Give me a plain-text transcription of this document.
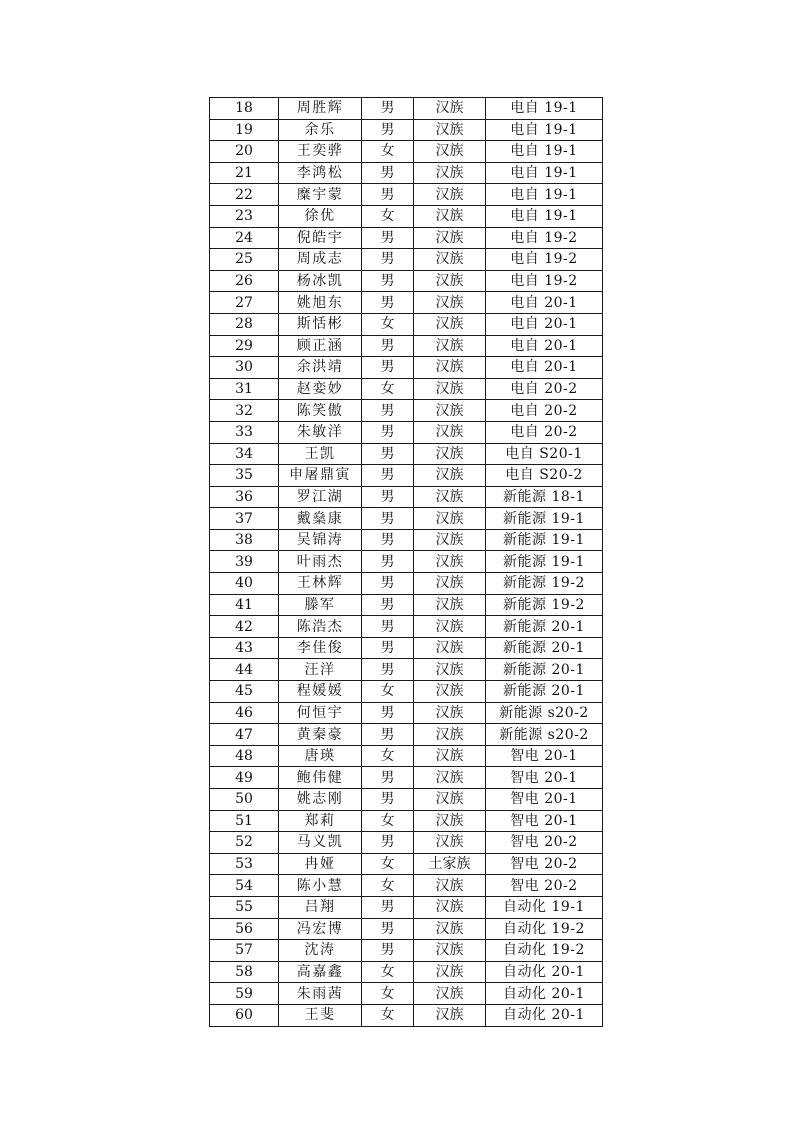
18	周胜辉	男	汉族	电自 19-1
19	余乐	男	汉族	电自 19-1
20	王奕骅	女	汉族	电自 19-1
21	李鸿松	男	汉族	电自 19-1
22	糜宇蒙	男	汉族	电自 19-1
23	徐优	女	汉族	电自 19-1
24	倪皓宇	男	汉族	电自 19-2
25	周成志	男	汉族	电自 19-2
26	杨冰凯	男	汉族	电自 19-2
27	姚旭东	男	汉族	电自 20-1
28	斯恬彬	女	汉族	电自 20-1
29	顾正涵	男	汉族	电自 20-1
30	余洪靖	男	汉族	电自 20-1
31	赵娈妙	女	汉族	电自 20-2
32	陈笑傲	男	汉族	电自 20-2
33	朱敏洋	男	汉族	电自 20-2
34	王凯	男	汉族	电自 S20-1
35	申屠鼎寅	男	汉族	电自 S20-2
36	罗江湖	男	汉族	新能源 18-1
37	戴燊康	男	汉族	新能源 19-1
38	吴锦涛	男	汉族	新能源 19-1
39	叶雨杰	男	汉族	新能源 19-1
40	王林辉	男	汉族	新能源 19-2
41	滕军	男	汉族	新能源 19-2
42	陈浩杰	男	汉族	新能源 20-1
43	李佳俊	男	汉族	新能源 20-1
44	汪洋	男	汉族	新能源 20-1
45	程媛媛	女	汉族	新能源 20-1
46	何恒宇	男	汉族	新能源 s20-2
47	黄秦豪	男	汉族	新能源 s20-2
48	唐瑛	女	汉族	智电 20-1
49	鲍伟健	男	汉族	智电 20-1
50	姚志刚	男	汉族	智电 20-1
51	郑莉	女	汉族	智电 20-1
52	马义凯	男	汉族	智电 20-2
53	冉娅	女	土家族	智电 20-2
54	陈小慧	女	汉族	智电 20-2
55	吕翔	男	汉族	自动化 19-1
56	冯宏博	男	汉族	自动化 19-2
57	沈涛	男	汉族	自动化 19-2
58	高嘉鑫	女	汉族	自动化 20-1
59	朱雨茜	女	汉族	自动化 20-1
60	王斐	女	汉族	自动化 20-1
